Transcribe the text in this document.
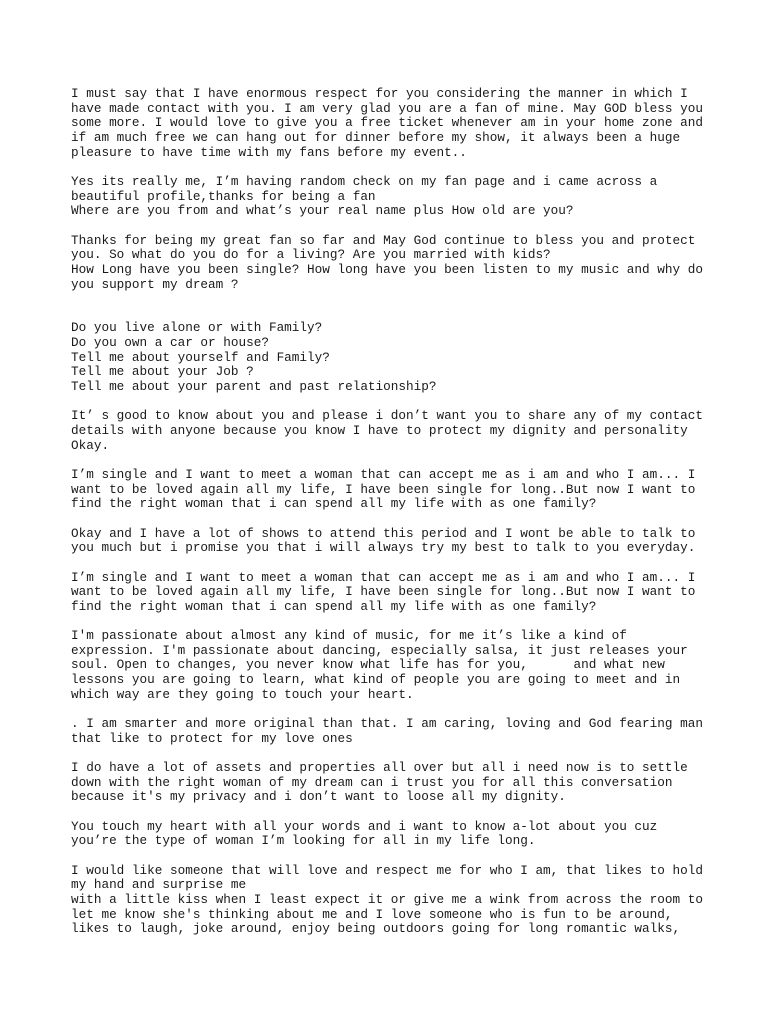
I must say that I have enormous respect for you considering the manner in which I
have made contact with you. I am very glad you are a fan of mine. May GOD bless you
some more. I would love to give you a free ticket whenever am in your home zone and
if am much free we can hang out for dinner before my show, it always been a huge
pleasure to have time with my fans before my event..
Yes its really me, I’m having random check on my fan page and i came across a
beautiful profile,thanks for being a fan
Where are you from and what’s your real name plus How old are you?
Thanks for being my great fan so far and May God continue to bless you and protect
you. So what do you do for a living? Are you married with kids?
How Long have you been single? How long have you been listen to my music and why do
you support my dream ?
Do you live alone or with Family?
Do you own a car or house?
Tell me about yourself and Family?
Tell me about your Job ?
Tell me about your parent and past relationship?
It’ s good to know about you and please i don’t want you to share any of my contact
details with anyone because you know I have to protect my dignity and personality
Okay.
I’m single and I want to meet a woman that can accept me as i am and who I am... I
want to be loved again all my life, I have been single for long..But now I want to
find the right woman that i can spend all my life with as one family?
Okay and I have a lot of shows to attend this period and I wont be able to talk to
you much but i promise you that i will always try my best to talk to you everyday.
I’m single and I want to meet a woman that can accept me as i am and who I am... I
want to be loved again all my life, I have been single for long..But now I want to
find the right woman that i can spend all my life with as one family?
I'm passionate about almost any kind of music, for me it’s like a kind of
expression. I'm passionate about dancing, especially salsa, it just releases your
soul. Open to changes, you never know what life has for you,      and what new
lessons you are going to learn, what kind of people you are going to meet and in
which way are they going to touch your heart.
. I am smarter and more original than that. I am caring, loving and God fearing man
that like to protect for my love ones
I do have a lot of assets and properties all over but all i need now is to settle
down with the right woman of my dream can i trust you for all this conversation
because it's my privacy and i don’t want to loose all my dignity.
You touch my heart with all your words and i want to know a-lot about you cuz
you’re the type of woman I’m looking for all in my life long.
I would like someone that will love and respect me for who I am, that likes to hold
my hand and surprise me
with a little kiss when I least expect it or give me a wink from across the room to
let me know she's thinking about me and I love someone who is fun to be around,
likes to laugh, joke around, enjoy being outdoors going for long romantic walks,
